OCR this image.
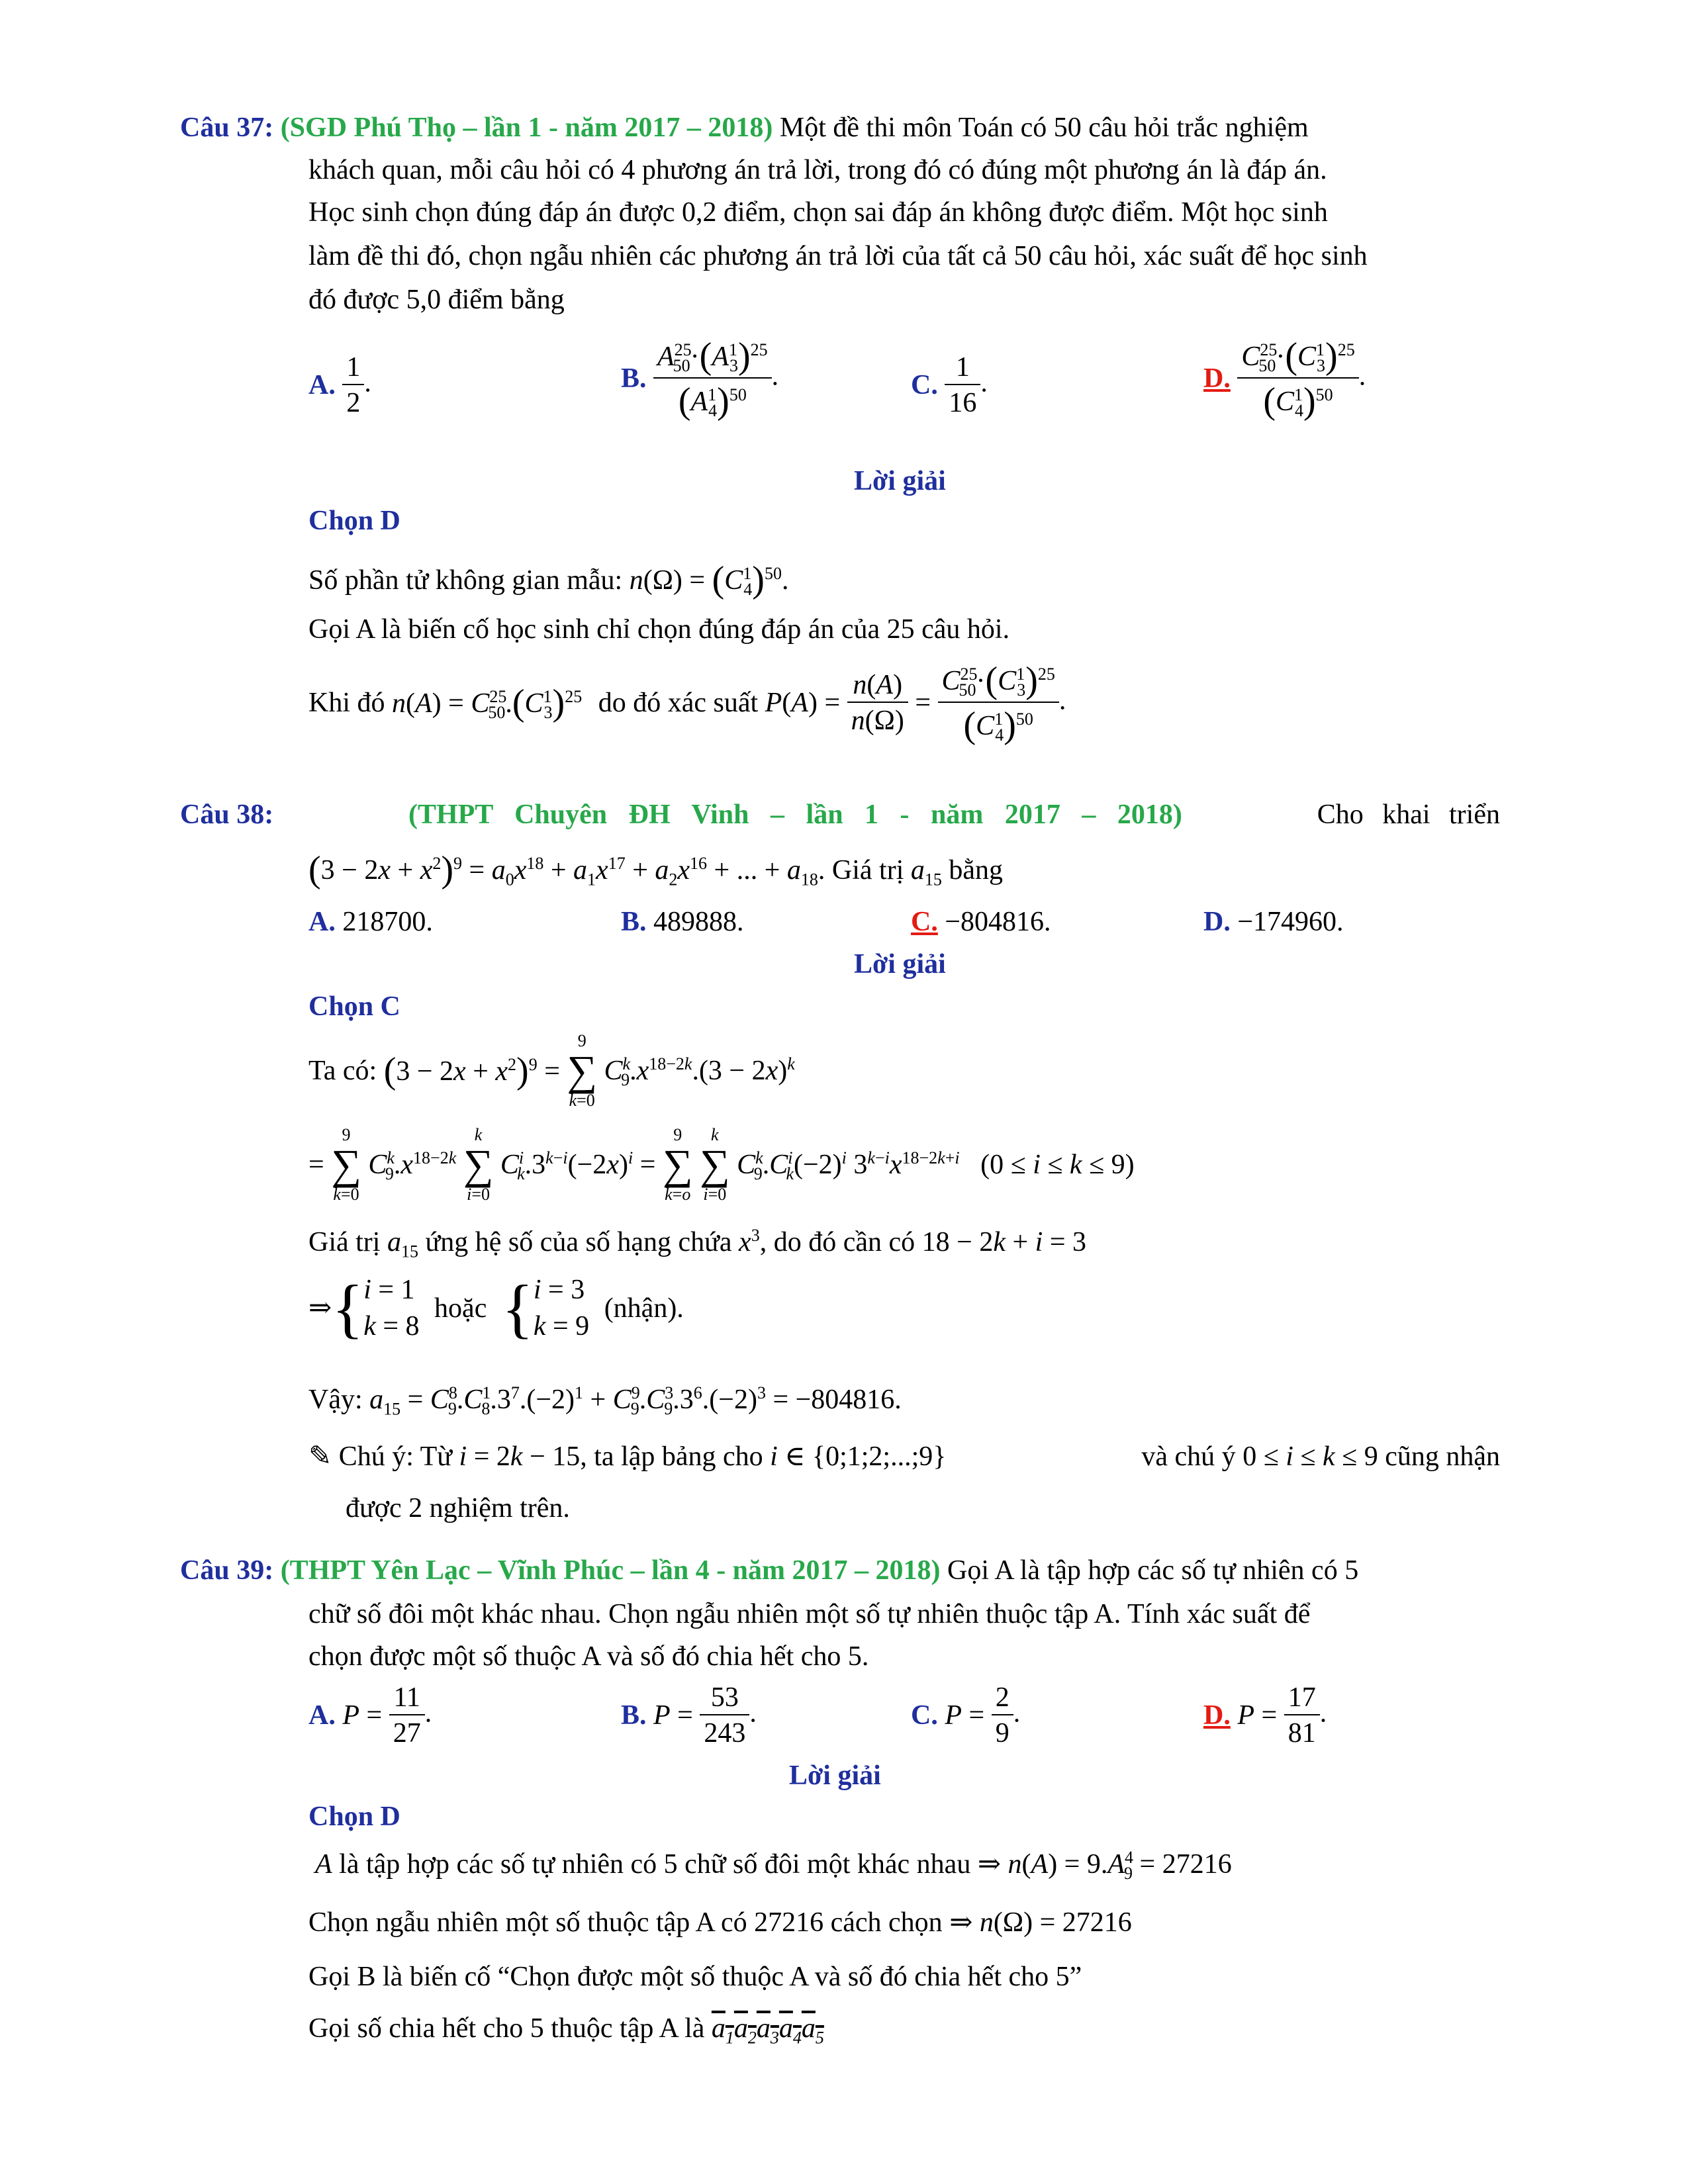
Câu 37: (SGD Phú Thọ – lần 1 - năm 2017 – 2018) Một đề thi môn Toán có 50 câu hỏi trắc nghiệm
khách quan, mỗi câu hỏi có 4 phương án trả lời, trong đó có đúng một phương án là đáp án.
Học sinh chọn đúng đáp án được 0,2 điểm, chọn sai đáp án không được điểm. Một học sinh
làm đề thi đó, chọn ngẫu nhiên các phương án trả lời của tất cả 50 câu hỏi, xác suất để học sinh
đó được 5,0 điểm bằng
A. $\frac{1}{2}$ .	B. $\frac{A^{25}_{50}\cdot(A^1_3)^{25}}{(A^1_4)^{50}}$ .	C. $\frac{1}{16}$ .	D. $\frac{C^{25}_{50}\cdot(C^1_3)^{25}}{(C^1_4)^{50}}$ .
Lời giải
Chọn D
Số phần tử không gian mẫu: $n(\Omega) = (C^1_4)^{50}$.
Gọi A là biến cố học sinh chỉ chọn đúng đáp án của 25 câu hỏi.
Khi đó $n(A) = C^{25}_{50}.(C^1_3)^{25}$ do đó xác suất $P(A) = \frac{n(A)}{n(\Omega)} = \frac{C^{25}_{50}\cdot(C^1_3)^{25}}{(C^1_4)^{50}}$ .
Câu 38:	(THPT Chuyên ĐH Vinh – lần 1 - năm 2017 – 2018)	Cho khai triển
$(3 - 2x + x^2)^9 = a_0x^{18} + a_1x^{17} + a_2x^{16}$ + ... + $a_{18}$. Giá trị $a_{15}$ bằng
A. 218700.	B. 489888.	C. −804816.	D. −174960.
Lời giải
Chọn C
Ta có: $(3 - 2x + x^2)^9 = 9$
∑
k=0 $C^k_9.x^{18-2k}.(3 - 2x)^k$
= 9
∑
k=0 $C^k_9.x^{18-2k}$ k
∑
i=0 $C^i_k.3^{k-i}(-2x)^i = 9$
∑
k=o k
∑
i=0 $C^k_9.C^i_k(-2)^i$ $3^{k-i}x^{18-2k+i}$   (0 ≤ i ≤ k ≤ 9)
Giá trị $a_{15}$ ứng hệ số của số hạng chứa $x^3$, do đó cần có 18 − 2k + i = 3
⇒{i = 1
k = 8 hoặc {i = 3
k = 9 (nhận).
Vậy: $a_{15} = C^8_9.C^1_8.3^7.(-2)^1 + C^9_9.C^3_9.3^6.(-2)^3 = -804816$.
✎ Chú ý: Từ i = 2k − 15, ta lập bảng cho i ∈ {0;1;2;...;9}	và chú ý 0 ≤ i ≤ k ≤ 9 cũng nhận
được 2 nghiệm trên.
Câu 39: (THPT Yên Lạc – Vĩnh Phúc – lần 4 - năm 2017 – 2018) Gọi A là tập hợp các số tự nhiên có 5
chữ số đôi một khác nhau. Chọn ngẫu nhiên một số tự nhiên thuộc tập A. Tính xác suất để
chọn được một số thuộc A và số đó chia hết cho 5.
A. $P = \frac{11}{27}$ .	B. $P = \frac{53}{243}$ .	C. $P = \frac{2}{9}$ .	D. $P = \frac{17}{81}$ .
Lời giải
Chọn D
A là tập hợp các số tự nhiên có 5 chữ số đôi một khác nhau ⇒ $n(A) = 9.A^4_9 = 27216$
Chọn ngẫu nhiên một số thuộc tập A có 27216 cách chọn ⇒ n(Ω) = 27216
Gọi B là biến cố “Chọn được một số thuộc A và số đó chia hết cho 5”
Gọi số chia hết cho 5 thuộc tập A là $a_1a_2a_3a_4a_5$
